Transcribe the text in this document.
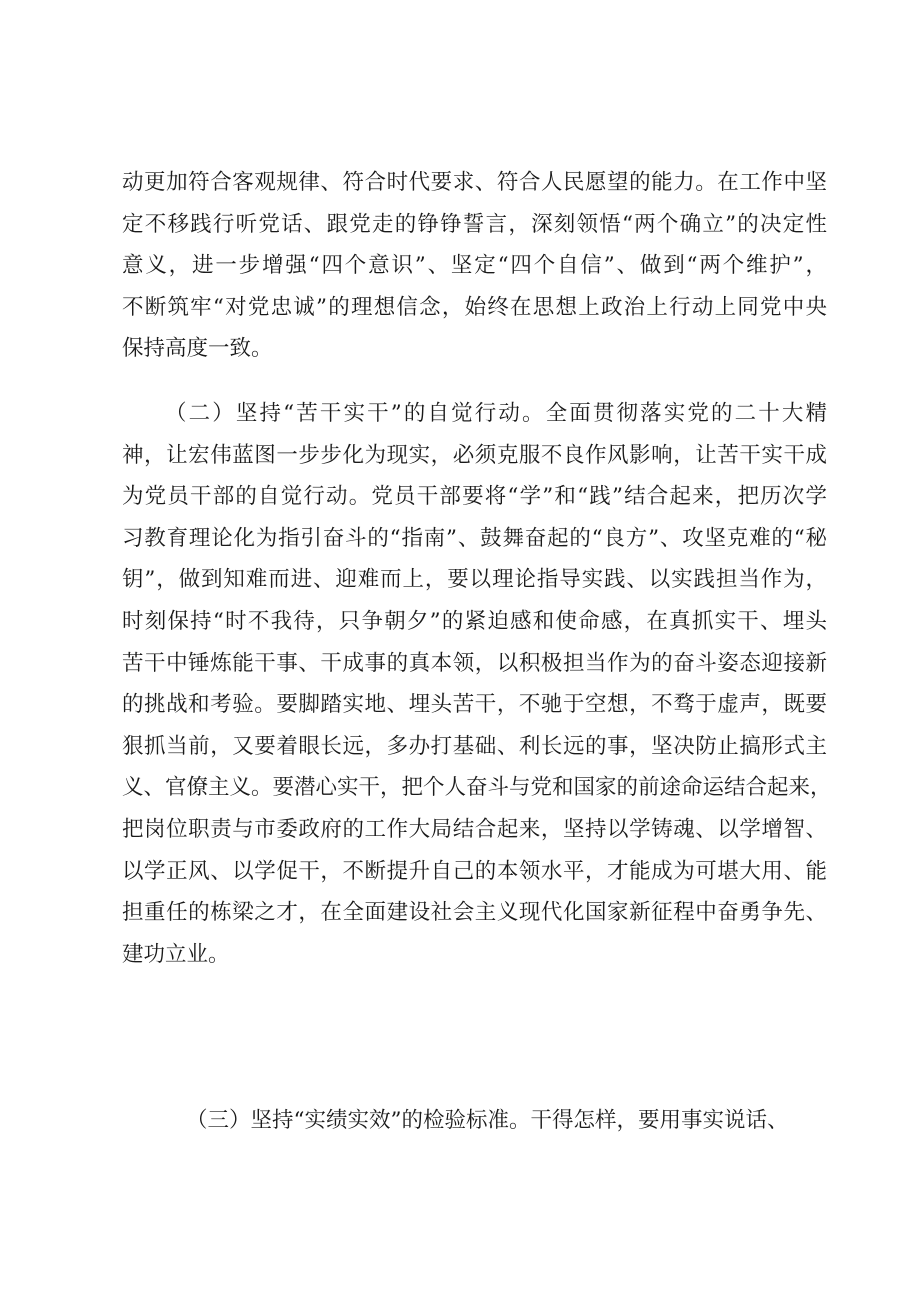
动更加符合客观规律、符合时代要求、符合人民愿望的能力。在工作中坚
定不移践行听党话、跟党走的铮铮誓言，深刻领悟“两个确立”的决定性
意义，进一步增强“四个意识”、坚定“四个自信”、做到“两个维护”，
不断筑牢“对党忠诚”的理想信念，始终在思想上政治上行动上同党中央
保持高度一致。
（二）坚持“苦干实干”的自觉行动。全面贯彻落实党的二十大精
神，让宏伟蓝图一步步化为现实，必须克服不良作风影响，让苦干实干成
为党员干部的自觉行动。党员干部要将“学”和“践”结合起来，把历次学
习教育理论化为指引奋斗的“指南”、鼓舞奋起的“良方”、攻坚克难的“秘
钥”，做到知难而进、迎难而上，要以理论指导实践、以实践担当作为，
时刻保持“时不我待，只争朝夕”的紧迫感和使命感，在真抓实干、埋头
苦干中锤炼能干事、干成事的真本领，以积极担当作为的奋斗姿态迎接新
的挑战和考验。要脚踏实地、埋头苦干，不驰于空想，不骛于虚声，既要
狠抓当前，又要着眼长远，多办打基础、利长远的事，坚决防止搞形式主
义、官僚主义。要潜心实干，把个人奋斗与党和国家的前途命运结合起来，
把岗位职责与市委政府的工作大局结合起来，坚持以学铸魂、以学增智、
以学正风、以学促干，不断提升自己的本领水平，才能成为可堪大用、能
担重任的栋梁之才，在全面建设社会主义现代化国家新征程中奋勇争先、
建功立业。
（三）坚持“实绩实效”的检验标准。干得怎样，要用事实说话、
